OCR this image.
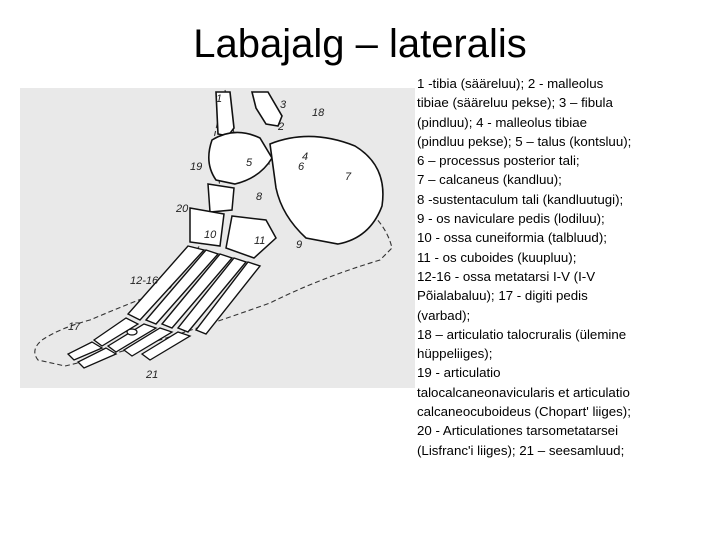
Labajalg – lateralis
1	3
2
18
4
19	5	6
7
8
20
10	11	9
12-16
17
21
1 -tibia (sääreluu); 2 - malleolus
tibiae (sääreluu pekse); 3 – fibula
(pindluu); 4 - malleolus tibiae
(pindluu pekse); 5 – talus (kontsluu);
6 – processus posterior tali;
7 – calcaneus (kandluu);
8 -sustentaculum tali (kandluutugi);
9 - os naviculare pedis (lodiluu);
10 - ossa cuneiformia (talbluud);
11 - os cuboides (kuupluu);
12-16 - ossa metatarsi I-V (I-V
Põialabaluu); 17 - digiti pedis
(varbad);
18 – articulatio talocruralis (ülemine
hüppeliiges);
19 - articulatio
talocalcaneonavicularis et articulatio
calcaneocuboideus (Chopart' liiges);
20 - Articulationes tarsometatarsei
(Lisfranc'i liiges); 21 – seesamluud;
